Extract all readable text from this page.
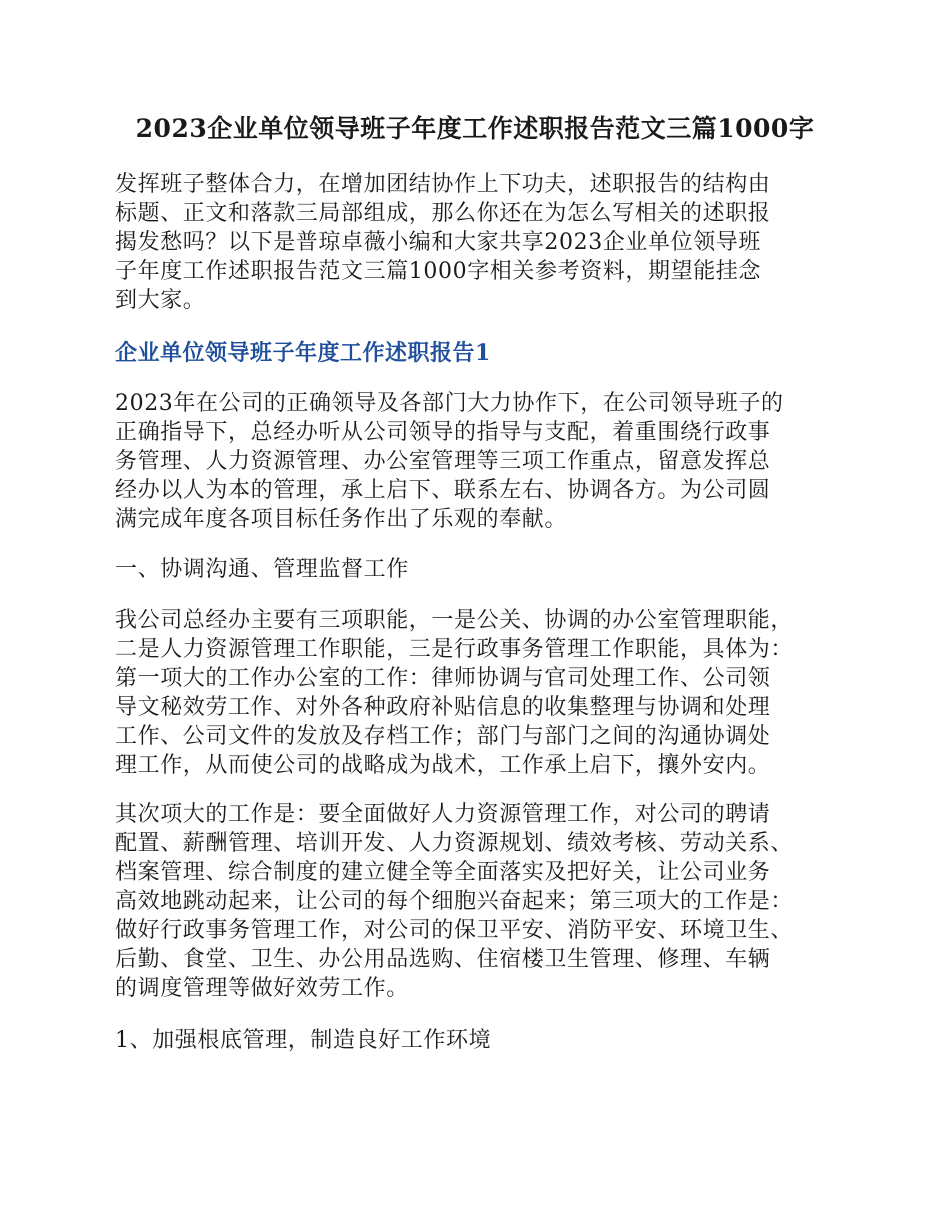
2023企业单位领导班子年度工作述职报告范文三篇1000字

发挥班子整体合力，在增加团结协作上下功夫，述职报告的结构由
标题、正文和落款三局部组成，那么你还在为怎么写相关的述职报
揭发愁吗？以下是普琼卓薇小编和大家共享2023企业单位领导班
子年度工作述职报告范文三篇1000字相关参考资料，期望能挂念
到大家。

企业单位领导班子年度工作述职报告1

2023年在公司的正确领导及各部门大力协作下，在公司领导班子的
正确指导下，总经办听从公司领导的指导与支配，着重围绕行政事
务管理、人力资源管理、办公室管理等三项工作重点，留意发挥总
经办以人为本的管理，承上启下、联系左右、协调各方。为公司圆
满完成年度各项目标任务作出了乐观的奉献。

一、协调沟通、管理监督工作

我公司总经办主要有三项职能，一是公关、协调的办公室管理职能，
二是人力资源管理工作职能，三是行政事务管理工作职能，具体为：
第一项大的工作办公室的工作：律师协调与官司处理工作、公司领
导文秘效劳工作、对外各种政府补贴信息的收集整理与协调和处理
工作、公司文件的发放及存档工作；部门与部门之间的沟通协调处
理工作，从而使公司的战略成为战术，工作承上启下，攘外安内。

其次项大的工作是：要全面做好人力资源管理工作，对公司的聘请
配置、薪酬管理、培训开发、人力资源规划、绩效考核、劳动关系、
档案管理、综合制度的建立健全等全面落实及把好关，让公司业务
高效地跳动起来，让公司的每个细胞兴奋起来；第三项大的工作是：
做好行政事务管理工作，对公司的保卫平安、消防平安、环境卫生、
后勤、食堂、卫生、办公用品选购、住宿楼卫生管理、修理、车辆
的调度管理等做好效劳工作。

1、加强根底管理，制造良好工作环境
